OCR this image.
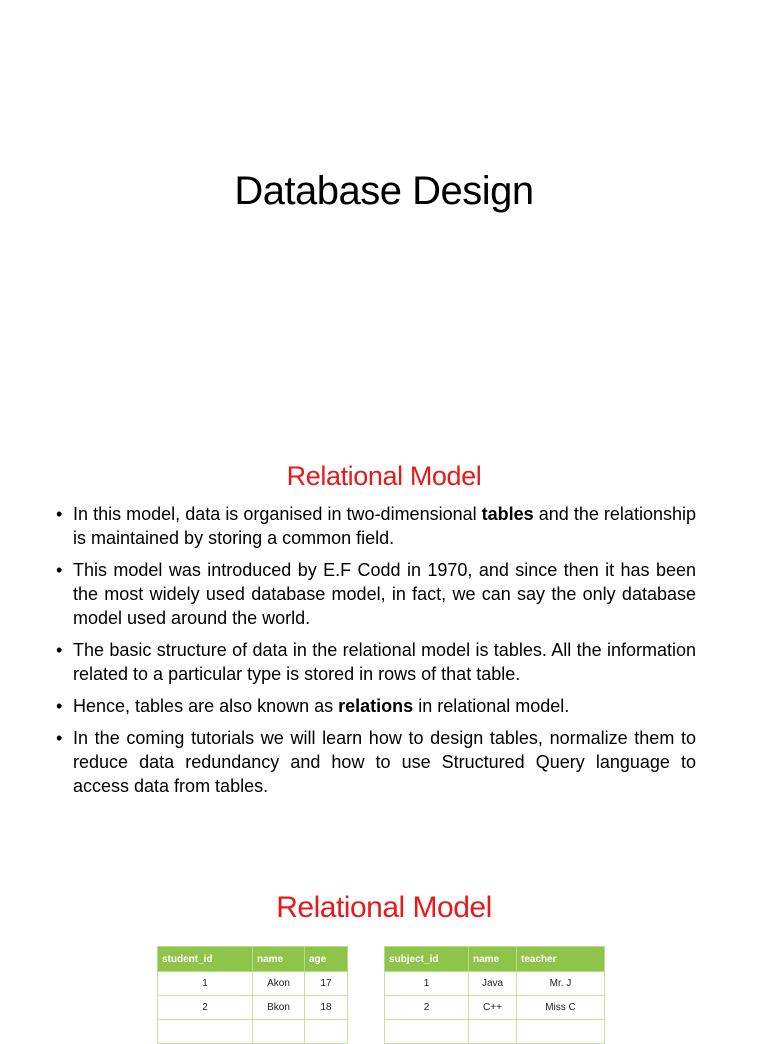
Database Design
Relational Model
• In this model, data is organised in two-dimensional tables and the relationship is maintained by storing a common field.
• This model was introduced by E.F Codd in 1970, and since then it has been the most widely used database model, in fact, we can say the only database model used around the world.
• The basic structure of data in the relational model is tables. All the information related to a particular type is stored in rows of that table.
• Hence, tables are also known as relations in relational model.
• In the coming tutorials we will learn how to design tables, normalize them to reduce data redundancy and how to use Structured Query language to access data from tables.
Relational Model
student_id	name	age
1	Akon	17
2	Bkon	18

subject_id	name	teacher
1	Java	Mr. J
2	C++	Miss C
